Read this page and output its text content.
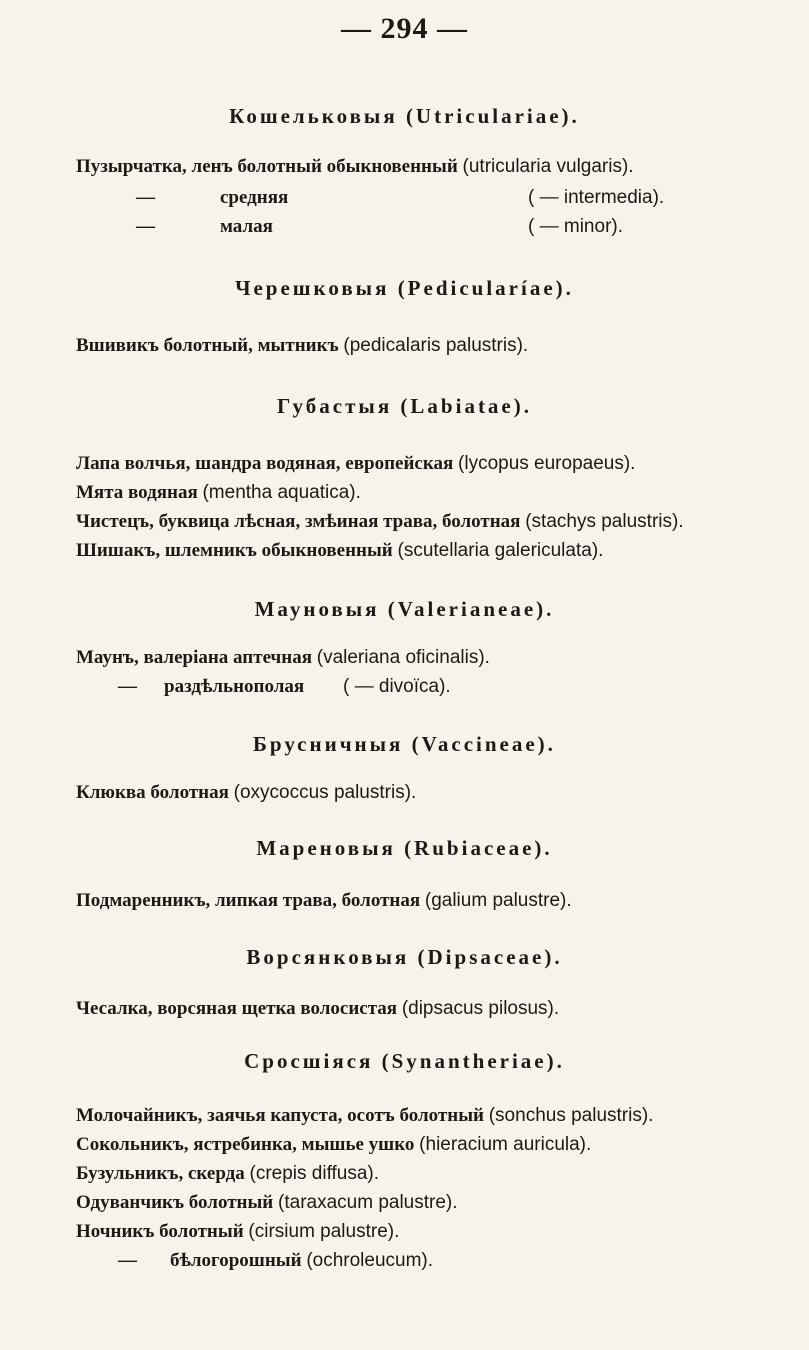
— 294 —
Кошельковыя (Utriculariae).
Пузырчатка, ленъ болотный обыкновенный (utricularia vulgaris).
—	средняя	( — intermedia).
—	малая	( — minor).
Черешковыя (Pedicularíae).
Вшивикъ болотный, мытникъ (pedicalaris palustris).
Губастыя (Labiatae).
Лапа волчья, шандра водяная, европейская (lycopus europaeus).
Мята водяная (mentha aquatica).
Чистецъ, буквица лѣсная, змѣиная трава, болотная (stachys palustris).
Шишакъ, шлемникъ обыкновенный (scutellaria galericulata).
Мауновыя (Valerianeae).
Маунъ, валеріана аптечная (valeriana oficinalis).
— раздѣльнополая ( — divoïca).
Брусничныя (Vaccineae).
Клюква болотная (oxycoccus palustris).
Мареновыя (Rubiaceae).
Подмаренникъ, липкая трава, болотная (galium palustre).
Ворсянковыя (Dipsaceae).
Чесалка, ворсяная щетка волосистая (dipsacus pilosus).
Сросшіяся (Synantheriae).
Молочайникъ, заячья капуста, осотъ болотный (sonchus palustris).
Сокольникъ, ястребинка, мышье ушко (hieracium auricula).
Бузульникъ, скерда (crepis diffusa).
Одуванчикъ болотный (taraxacum palustre).
Ночникъ болотный (cirsium palustre).
— бѣлогорошный (ochroleucum).
